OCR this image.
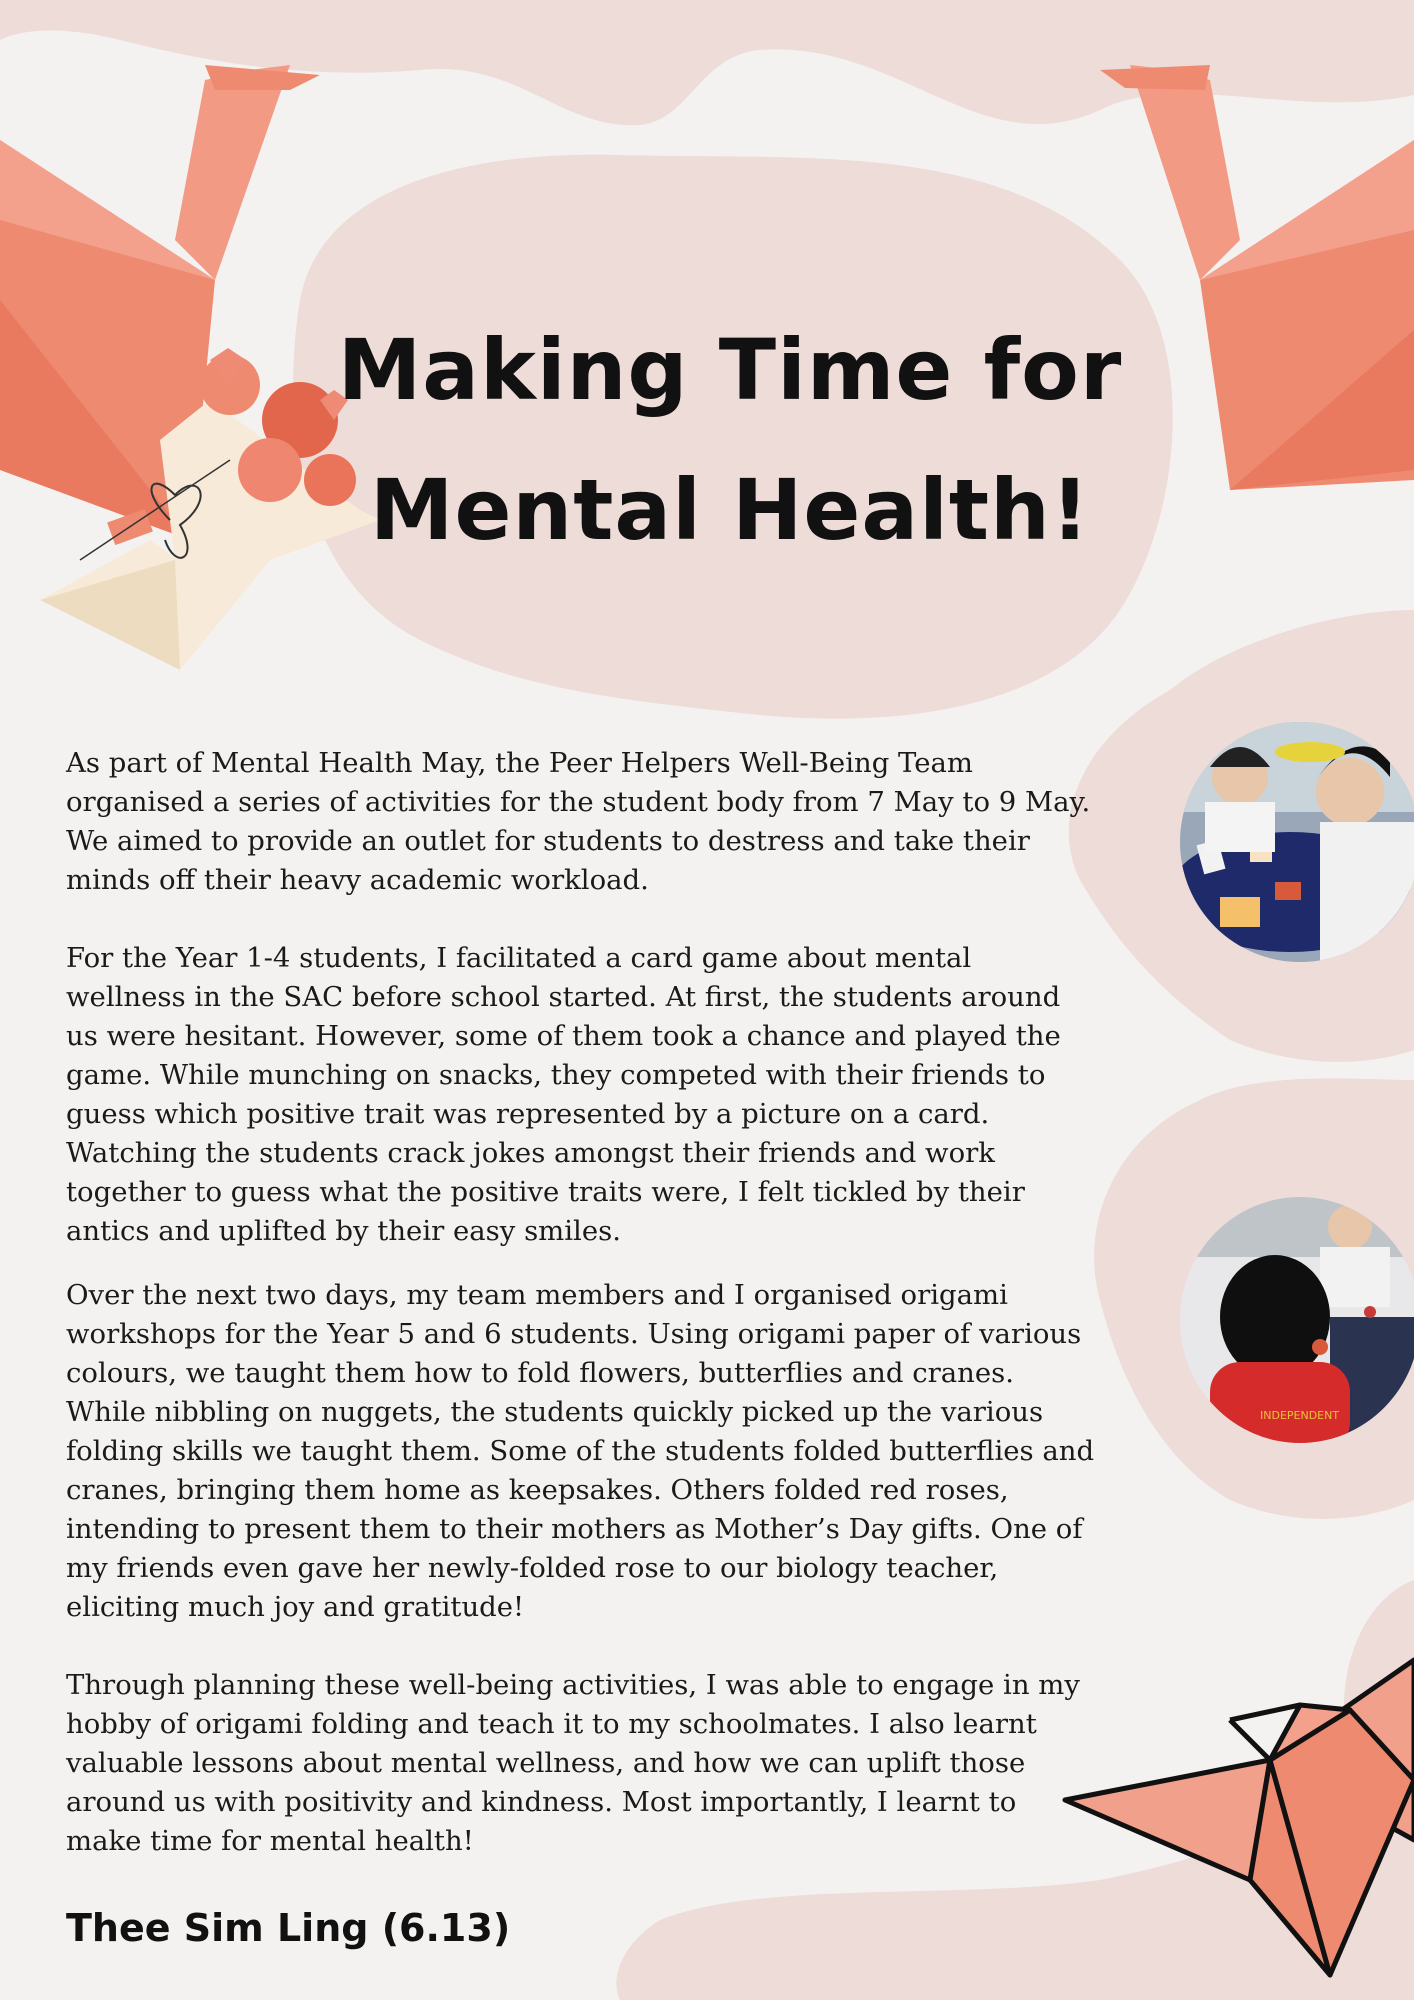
Making Time for
Mental Health!

As part of Mental Health May, the Peer Helpers Well-Being Team organised a series of activities for the student body from 7 May to 9 May. We aimed to provide an outlet for students to destress and take their minds off their heavy academic workload.

For the Year 1-4 students, I facilitated a card game about mental wellness in the SAC before school started. At first, the students around us were hesitant. However, some of them took a chance and played the game. While munching on snacks, they competed with their friends to guess which positive trait was represented by a picture on a card. Watching the students crack jokes amongst their friends and work together to guess what the positive traits were, I felt tickled by their antics and uplifted by their easy smiles.

Over the next two days, my team members and I organised origami workshops for the Year 5 and 6 students. Using origami paper of various colours, we taught them how to fold flowers, butterflies and cranes. While nibbling on nuggets, the students quickly picked up the various folding skills we taught them. Some of the students folded butterflies and cranes, bringing them home as keepsakes. Others folded red roses, intending to present them to their mothers as Mother’s Day gifts. One of my friends even gave her newly-folded rose to our biology teacher, eliciting much joy and gratitude!

Through planning these well-being activities, I was able to engage in my hobby of origami folding and teach it to my schoolmates. I also learnt valuable lessons about mental wellness, and how we can uplift those around us with positivity and kindness. Most importantly, I learnt to make time for mental health!

Thee Sim Ling (6.13)
INDEPENDENT
